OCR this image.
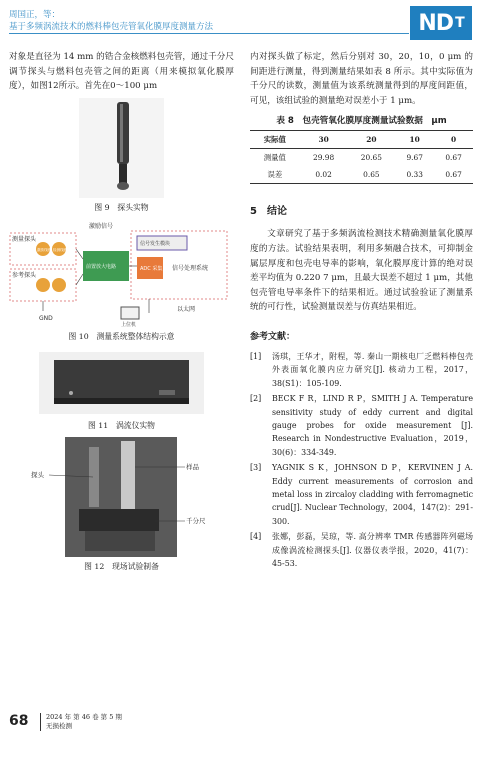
周国正，等：
基于多频涡流技术的燃料棒包壳管氧化膜厚度测量方法	ND T

对象是直径为 14 mm 的锆合金核燃料包壳管，通过千分尺调节探头与燃料包壳管之间的距离（用来模拟氧化膜厚度），如图12所示。首先在0～100 μm

图 9　探头实物
激励信号
测量探头
激励线圈 检测线圈
参考探头
前置放大电路
信号发生模块
ADC 采集 信号处理系统
GND
以太网
上位机
图 10　测量系统整体结构示意
图 11　涡流仪实物
探头
样品
千分尺
图 12　现场试验制备

内对探头做了标定，然后分别对 30，20，10，0 μm 的间距进行测量，得到测量结果如表 8 所示。其中实际值为千分尺的读数，测量值为该系统测量得到的厚度间距值，可见，该组试验的测量绝对误差小于 1 μm。

表 8　包壳管氧化膜厚度测量试验数据　μm
实际值	30	20	10	0
测量值	29.98	20.65	9.67	0.67
误差	0.02	0.65	0.33	0.67
5　结论

文章研究了基于多频涡流检测技术精确测量氧化膜厚度的方法。试验结果表明，利用多频融合技术，可抑制金属层厚度和包壳电导率的影响，氧化膜厚度计算的绝对误差平均值为 0.220 7 μm，且最大误差不超过 1 μm，其他包壳管电导率条件下的结果相近。通过试验验证了测量系统的可行性，试验测量误差与仿真结果相近。

参考文献：
[1]	汤琪，王华才，附程，等. 秦山一期核电厂乏燃料棒包壳外表面氧化膜内应力研究[J]. 核动力工程，2017，38(S1)：105-109.
[2]	BECK F R，LIND R P，SMITH J A. Temperature sensitivity study of eddy current and digital gauge probes for oxide measurement [J]. Research in Nondestructive Evaluation，2019，30(6)：334-349.
[3]	YAGNIK S K，JOHNSON D P，KERVINEN J A. Eddy current measurements of corrosion and metal loss in zircaloy cladding with ferromagnetic crud[J]. Nuclear Technology，2004，147(2)：291-300.
[4]	张娜，彭磊，吴琼，等. 高分辨率 TMR 传感器阵列磁场成像涡流检测探头[J]. 仪器仪表学报，2020，41(7)：45-53.
68	2024 年 第 46 卷 第 5 期
无损检测
